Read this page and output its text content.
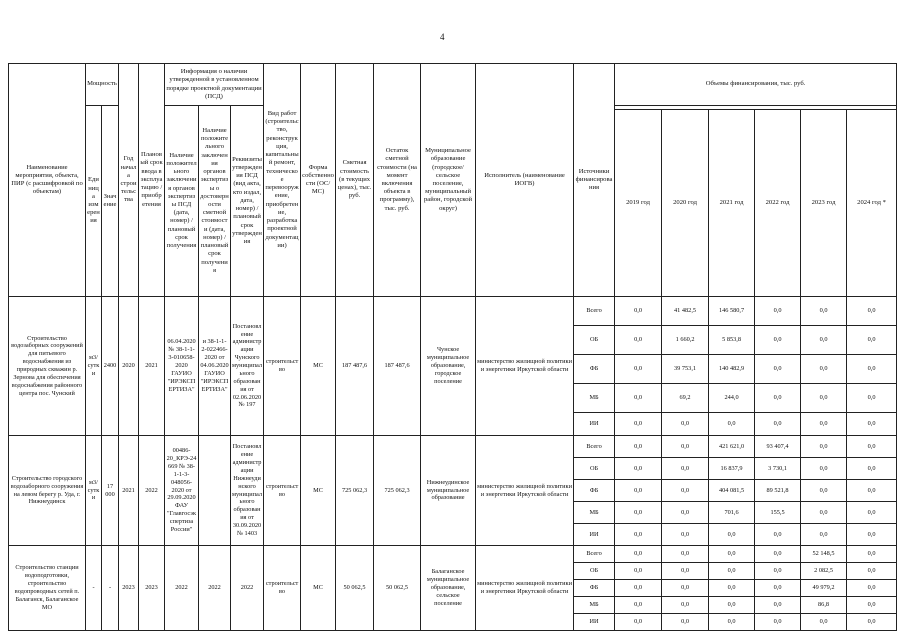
4
Наименование мероприятия, объекта, ПИР (с расшифровкой по объектам)	Мощность		Год начала строительства	Плановый срок ввода в эксплуатацию / приобретения	Информация о наличии утвержденной в установленном порядке проектной документации (ПСД)			Вид работ (строительство, реконструкция, капитальный ремонт, техническое перевооружение, приобретение, разработка проектной документации)	Форма собственности (ОС/МС)	Сметная стоимость (в текущих ценах), тыс. руб.	Остаток сметной стоимости (на момент включения объекта в программу), тыс. руб.	Муниципальное образование (городское/сельское поселение, муниципальный район, городской округ)	Исполнитель (наименование ИОГВ)	Источники финансирования	Объемы финансирования, тыс. руб.					
	Единица измерения	Значение			Наличие положительного заключения органов экспертизы ПСД (дата, номер) / плановый срок получения	Наличие положительного заключения органов экспертизы о достоверности сметной стоимости (дата, номер) / плановый срок получения	Реквизиты утверждения ПСД (вид акта, кто издал, дата, номер) / плановый срок утверждения													
															2019 год	2020 год	2021 год	2022 год	2023 год	2024 год *
Строительство водозаборных сооружений для питьевого водоснабжения из природных скважин р. Зернова для обеспечения водоснабжения районного центра пос. Чунский	м3/сутки	2400	2020	2021	06.04.2020 № 38-1-1-3-010658-2020 ГАУИО "ИРЭКСПЕРТИЗА"	и 38-1-1-2-022466-2020 от 04.06.2020 ГАУИО "ИРЭКСПЕРТИЗА"	Постановление администрации Чунского муниципального образования от 02.06.2020 № 197	строительство	МС	187 487,6	187 487,6	Чунское муниципальное образование, городское поселение	министерство жилищной политики и энергетики Иркутской области	Всего	0,0	41 482,5	146 580,7	0,0	0,0	0,0
														ОБ	0,0	1 660,2	5 853,8	0,0	0,0	0,0
														ФБ	0,0	39 753,1	140 482,9	0,0	0,0	0,0
														МБ	0,0	69,2	244,0	0,0	0,0	0,0
														ИИ	0,0	0,0	0,0	0,0	0,0	0,0
Строительство городского водозаборного сооружения на левом берегу р. Уда, г. Нижнеудинск	м3/сутки	17 000	2021	2022	00486-20_КРЭ-24669 № 38-1-1-3-048056-2020 от 29.09.2020 ФАУ "Главгосэкспертиза России"		Постановление администрации Нижнеудинского муниципального образования от 30.09.2020 № 1403	строительство	МС	725 062,3	725 062,3	Нижнеудинское муниципальное образование	министерство жилищной политики и энергетики Иркутской области	Всего	0,0	0,0	421 621,0	93 407,4	0,0	0,0
														ОБ	0,0	0,0	16 837,9	3 730,1	0,0	0,0
														ФБ	0,0	0,0	404 081,5	89 521,8	0,0	0,0
														МБ	0,0	0,0	701,6	155,5	0,0	0,0
														ИИ	0,0	0,0	0,0	0,0	0,0	0,0
Строительство станции водоподготовки, строительство водопроводных сетей п. Балаганск, Балаганское МО	-	-	2023	2023	2022	2022	2022	строительство	МС	50 062,5	50 062,5	Балаганское муниципальное образование, сельское поселение	министерство жилищной политики и энергетики Иркутской области	Всего	0,0	0,0	0,0	0,0	52 148,5	0,0
														ОБ	0,0	0,0	0,0	0,0	2 082,5	0,0
														ФБ	0,0	0,0	0,0	0,0	49 979,2	0,0
														МБ	0,0	0,0	0,0	0,0	86,8	0,0
														ИИ	0,0	0,0	0,0	0,0	0,0	0,0
